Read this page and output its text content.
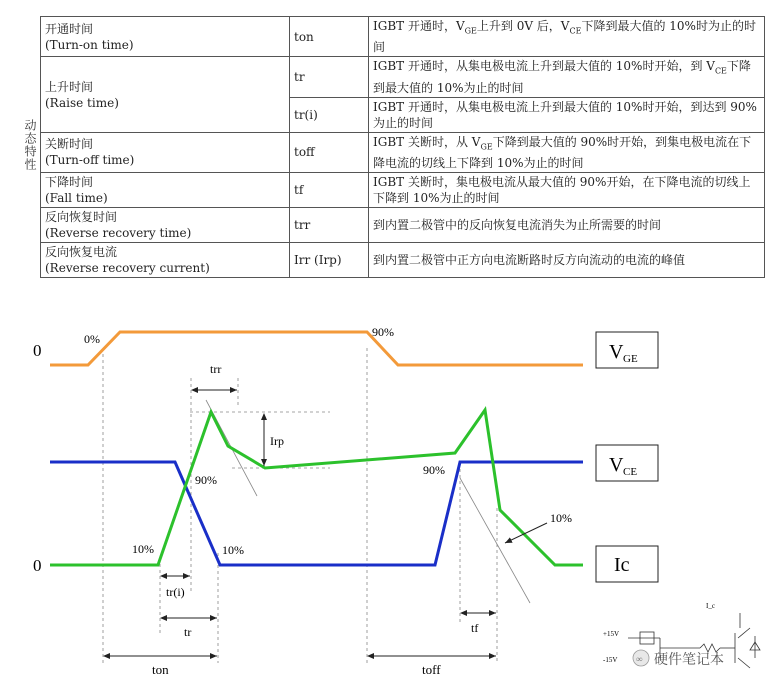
动态特性	开通时间
(Turn-on time)	ton	IGBT 开通时，$V_{GE}$上升到 0V 后，$V_{CE}$下降到最大值的 10%时为止的时间

	上升时间
(Raise time)	tr	IGBT 开通时，从集电极电流上升到最大值的 10%时开始，到 $V_{CE}$下降到最大值的 10%为止的时间
		tr(i)	IGBT 开通时，从集电极电流上升到最大值的 10%时开始，到达到 90%为止的时间

	关断时间
(Turn-off time)	toff	IGBT 关断时，从 $V_{GE}$下降到最大值的 90%时开始，到集电极电流在下降电流的切线上下降到 10%为止的时间

	下降时间
(Fall time)	tf	IGBT 关断时，集电极电流从最大值的 90%开始，在下降电流的切线上下降到 10%为止的时间

	反向恢复时间
(Reverse recovery time)	trr	到内置二极管中的反向恢复电流消失为止所需要的时间

	反向恢复电流
(Reverse recovery current)	Irr (Irp)	到内置二极管中正方向电流断路时反方向流动的电流的峰值
0
0
0%	90%
90%
90%
10%	10%
10%
trr
Irp
tr(i)
tr
ton
tf
toff
V GE
V CE
Ic
+15V
-15V
I_c
∞ 硬件笔记本
